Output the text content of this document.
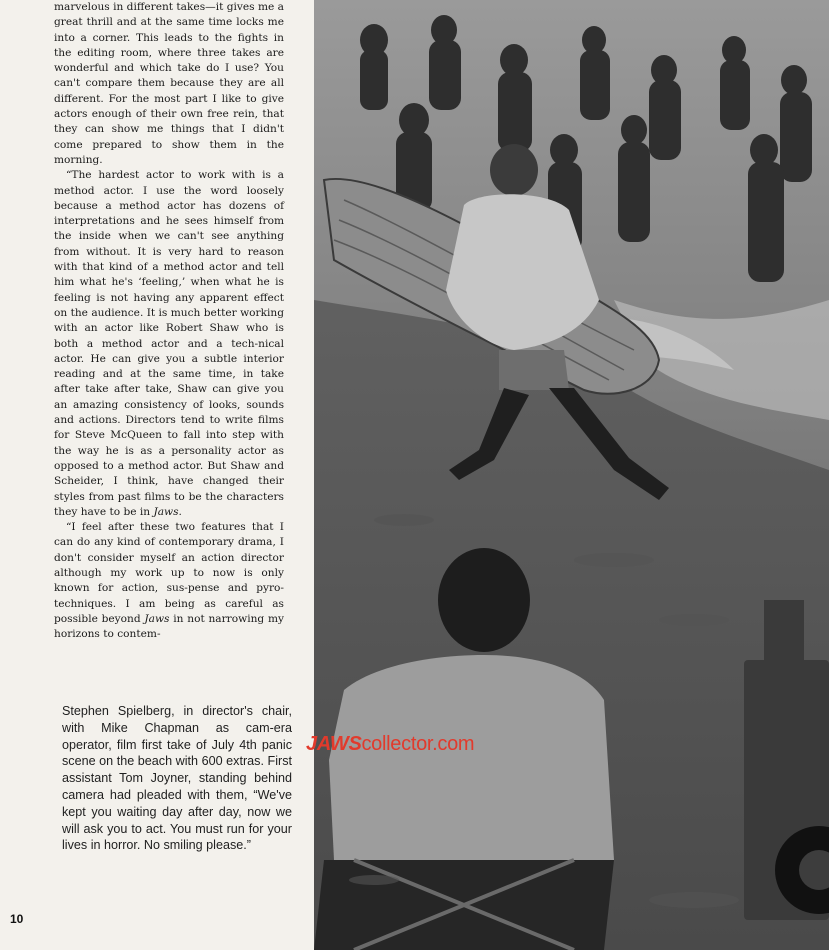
marvelous in different takes—it gives me a great thrill and at the same time locks me into a corner. This leads to the fights in the editing room, where three takes are wonderful and which take do I use? You can't compare them because they are all different. For the most part I like to give actors enough of their own free rein, that they can show me things that I didn't come prepared to show them in the morning.

“The hardest actor to work with is a method actor. I use the word loosely because a method actor has dozens of interpretations and he sees himself from the inside when we can't see anything from without. It is very hard to reason with that kind of a method actor and tell him what he's ‘feeling,’ when what he is feeling is not having any apparent effect on the audience. It is much better working with an actor like Robert Shaw who is both a method actor and a tech-nical actor. He can give you a subtle interior reading and at the same time, in take after take after take, Shaw can give you an amazing consistency of looks, sounds and actions. Directors tend to write films for Steve McQueen to fall into step with the way he is as a personality actor as opposed to a method actor. But Shaw and Scheider, I think, have changed their styles from past films to be the characters they have to be in Jaws.

“I feel after these two features that I can do any kind of contemporary drama, I don't consider myself an action director although my work up to now is only known for action, sus-pense and pyro-techniques. I am being as careful as possible beyond Jaws in not narrowing my horizons to contem-

Stephen Spielberg, in director's chair, with Mike Chapman as cam-era operator, film first take of July 4th panic scene on the beach with 600 extras. First assistant Tom Joyner, standing behind camera had pleaded with them, “We've kept you waiting day after day, now we will ask you to act. You must run for your lives in horror. No smiling please.”
10
JAWScollector.com
